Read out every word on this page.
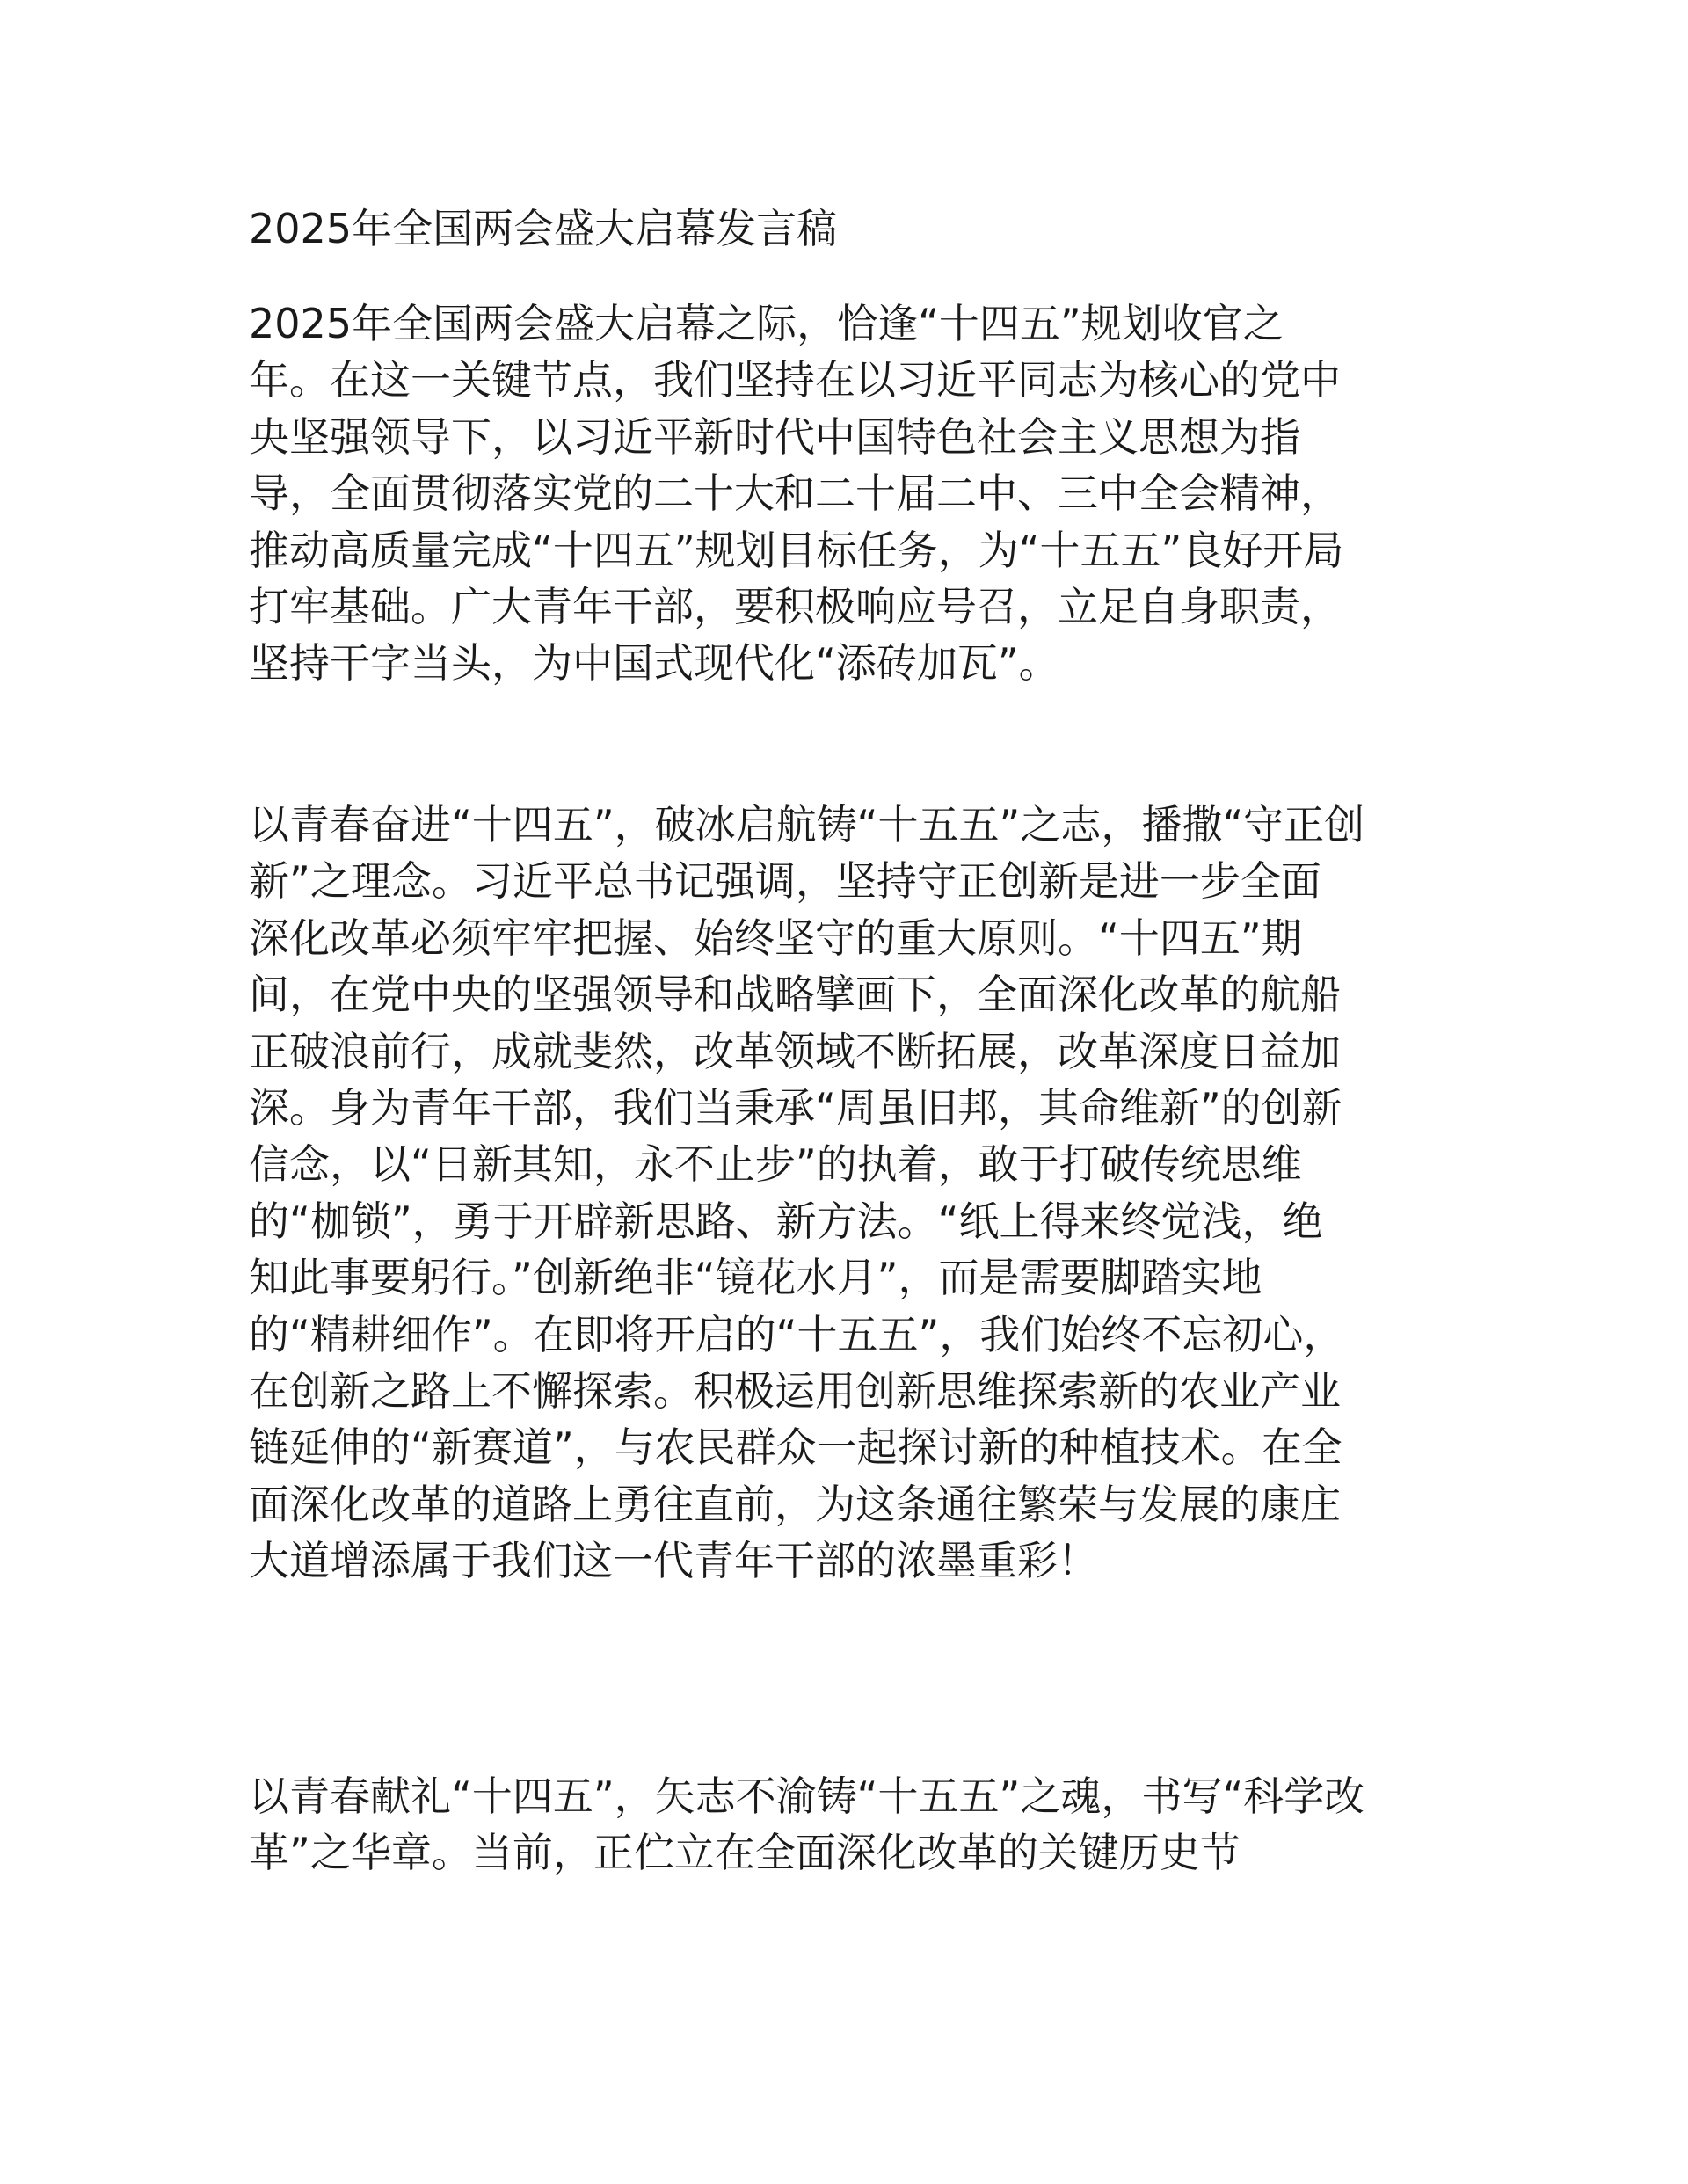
2025年全国两会盛大启幕发言稿

2025年全国两会盛大启幕之际，恰逢“十四五”规划收官之
年。在这一关键节点，我们坚持在以习近平同志为核心的党中
央坚强领导下，以习近平新时代中国特色社会主义思想为指
导，全面贯彻落实党的二十大和二十届二中、三中全会精神，
推动高质量完成“十四五”规划目标任务，为“十五五”良好开局
打牢基础。广大青年干部，要积极响应号召，立足自身职责，
坚持干字当头，为中国式现代化“添砖加瓦”。

以青春奋进“十四五”，破冰启航铸“十五五”之志，播撒“守正创
新”之理念。习近平总书记强调，坚持守正创新是进一步全面
深化改革必须牢牢把握、始终坚守的重大原则。“十四五”期
间，在党中央的坚强领导和战略擘画下，全面深化改革的航船
正破浪前行，成就斐然，改革领域不断拓展，改革深度日益加
深。身为青年干部，我们当秉承“周虽旧邦，其命维新”的创新
信念，以“日新其知，永不止步”的执着，敢于打破传统思维
的“枷锁”，勇于开辟新思路、新方法。“纸上得来终觉浅，绝
知此事要躬行。”创新绝非“镜花水月”，而是需要脚踏实地
的“精耕细作”。在即将开启的“十五五”，我们始终不忘初心，
在创新之路上不懈探索。积极运用创新思维探索新的农业产业
链延伸的“新赛道”，与农民群众一起探讨新的种植技术。在全
面深化改革的道路上勇往直前，为这条通往繁荣与发展的康庄
大道增添属于我们这一代青年干部的浓墨重彩！

以青春献礼“十四五”，矢志不渝铸“十五五”之魂，书写“科学改
革”之华章。当前，正伫立在全面深化改革的关键历史节
